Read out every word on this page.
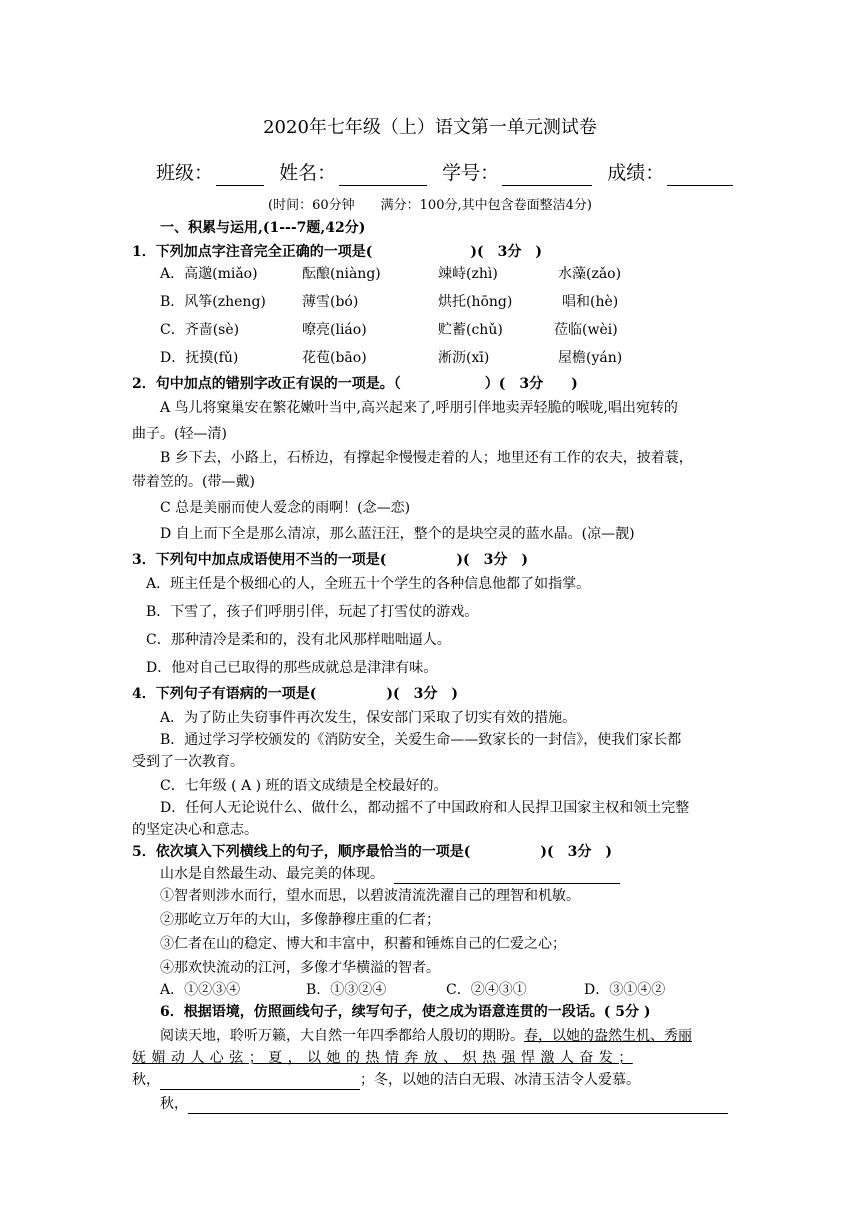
2020年七年级（上）语文第一单元测试卷
班级：	姓名：	学号：	成绩：
(时间：60分钟　　满分：100分,其中包含卷面整洁4分)
一、积累与运用,(1---7题,42分)
1．下列加点字注音完全正确的一项是(　　　　　　　)(　3分　)
A．高邈(miǎo)	酝酿(niàng)	竦峙(zhì)	水藻(zǎo)
B．风筝(zheng)	薄雪(bó)	烘托(hōng)	唱和(hè)
C．齐啬(sè)	嘹亮(liáo)	贮蓄(chǔ)	莅临(wèi)
D．抚摸(fǔ)	花苞(bāo)	淅沥(xī)	屋檐(yán)
2．句中加点的错别字改正有误的一项是。（　　　　　　）(　3分　　)
A 鸟儿将窠巢安在繁花嫩叶当中,高兴起来了,呼朋引伴地卖弄轻脆的喉咙,唱出宛转的
曲子。(轻—清)
B 乡下去，小路上，石桥边，有撑起伞慢慢走着的人；地里还有工作的农夫，披着蓑，
带着笠的。(带—戴)
C 总是美丽而使人爱念的雨啊！(念—恋)
D 自上而下全是那么清凉，那么蓝汪汪，整个的是块空灵的蓝水晶。(凉—靓)
3．下列句中加点成语使用不当的一项是(　　　　　)(　3分　)
A．班主任是个极细心的人，全班五十个学生的各种信息他都了如指掌。
B．下雪了，孩子们呼朋引伴，玩起了打雪仗的游戏。
C．那种清冷是柔和的，没有北风那样咄咄逼人。
D．他对自己已取得的那些成就总是津津有味。
4．下列句子有语病的一项是(　　　　　)(　3分　)
A．为了防止失窃事件再次发生，保安部门采取了切实有效的措施。
B．通过学习学校颁发的《消防安全，关爱生命——致家长的一封信》，使我们家长都
受到了一次教育。
C．七年级 ( A ) 班的语文成绩是全校最好的。
D．任何人无论说什么、做什么，都动摇不了中国政府和人民捍卫国家主权和领土完整
的坚定决心和意志。
5．依次填入下列横线上的句子，顺序最恰当的一项是(　　　　　)(　3分　)
山水是自然最生动、最完美的体现。
①智者则涉水而行，望水而思，以碧波清流洗濯自己的理智和机敏。
②那屹立万年的大山，多像静穆庄重的仁者；
③仁者在山的稳定、博大和丰富中，积蓄和锤炼自己的仁爱之心；
④那欢快流动的江河，多像才华横溢的智者。
A．①②③④	B．①③②④	C．②④③①	D．③①④②
6．根据语境，仿照画线句子，续写句子，使之成为语意连贯的一段话。( 5分 )
阅读天地，聆听万籁，大自然一年四季都给人殷切的期盼。春，以她的盎然生机、秀丽
妩 媚 动 人 心 弦 ； 夏 ， 以 她 的 热 情 奔 放 、 炽 热 强 悍 激 人 奋 发 ；
秋，	；冬，以她的洁白无瑕、冰清玉洁令人爱慕。
秋，
